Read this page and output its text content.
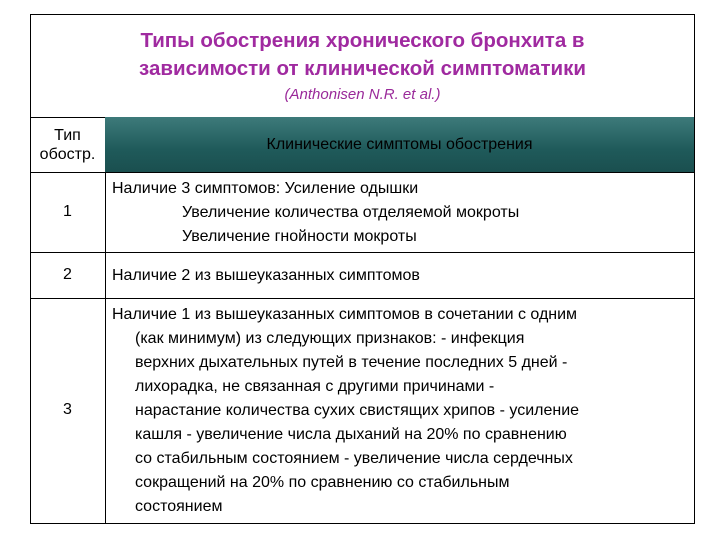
Типы обострения хронического бронхита в
зависимости от клинической симптоматики
(Anthonisen N.R. et al.)
Тип
обостр.
Клинические симптомы обострения
1
Наличие 3 симптомов: Усиление одышки
Увеличение количества отделяемой мокроты
Увеличение гнойности мокроты
2	Наличие 2 из вышеуказанных симптомов
3
Наличие 1 из вышеуказанных симптомов в сочетании с одним
(как минимум) из следующих признаков: - инфекция
верхних дыхательных путей в течение последних 5 дней -
лихорадка, не связанная с другими причинами -
нарастание количества сухих свистящих хрипов - усиление
кашля - увеличение числа дыханий на 20% по сравнению
со стабильным состоянием - увеличение числа сердечных
сокращений на 20% по сравнению со стабильным
состоянием
